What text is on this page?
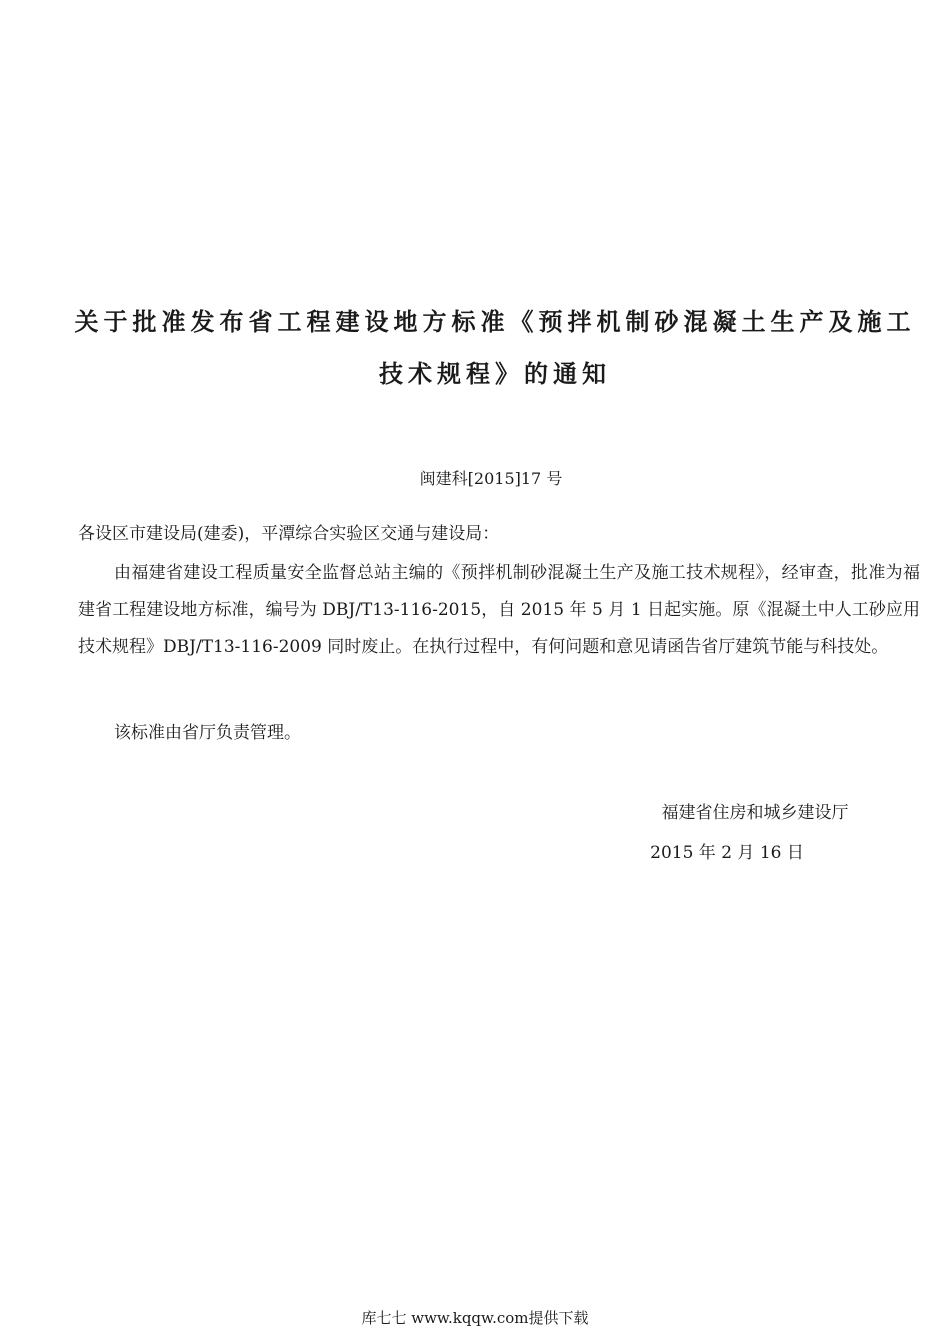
关于批准发布省工程建设地方标准《预拌机制砂混凝土生产及施工
技术规程》的通知
闽建科[2015]17 号
各设区市建设局(建委)，平潭综合实验区交通与建设局：
由福建省建设工程质量安全监督总站主编的《预拌机制砂混凝土生产及施工技术规程》，经审查，批准为福建省工程建设地方标准，编号为 DBJ/T13-116-2015，自 2015 年 5 月 1 日起实施。原《混凝土中人工砂应用技术规程》DBJ/T13-116-2009 同时废止。在执行过程中，有何问题和意见请函告省厅建筑节能与科技处。
该标准由省厅负责管理。
福建省住房和城乡建设厅
2015 年 2 月 16 日
库七七 www.kqqw.com提供下载
